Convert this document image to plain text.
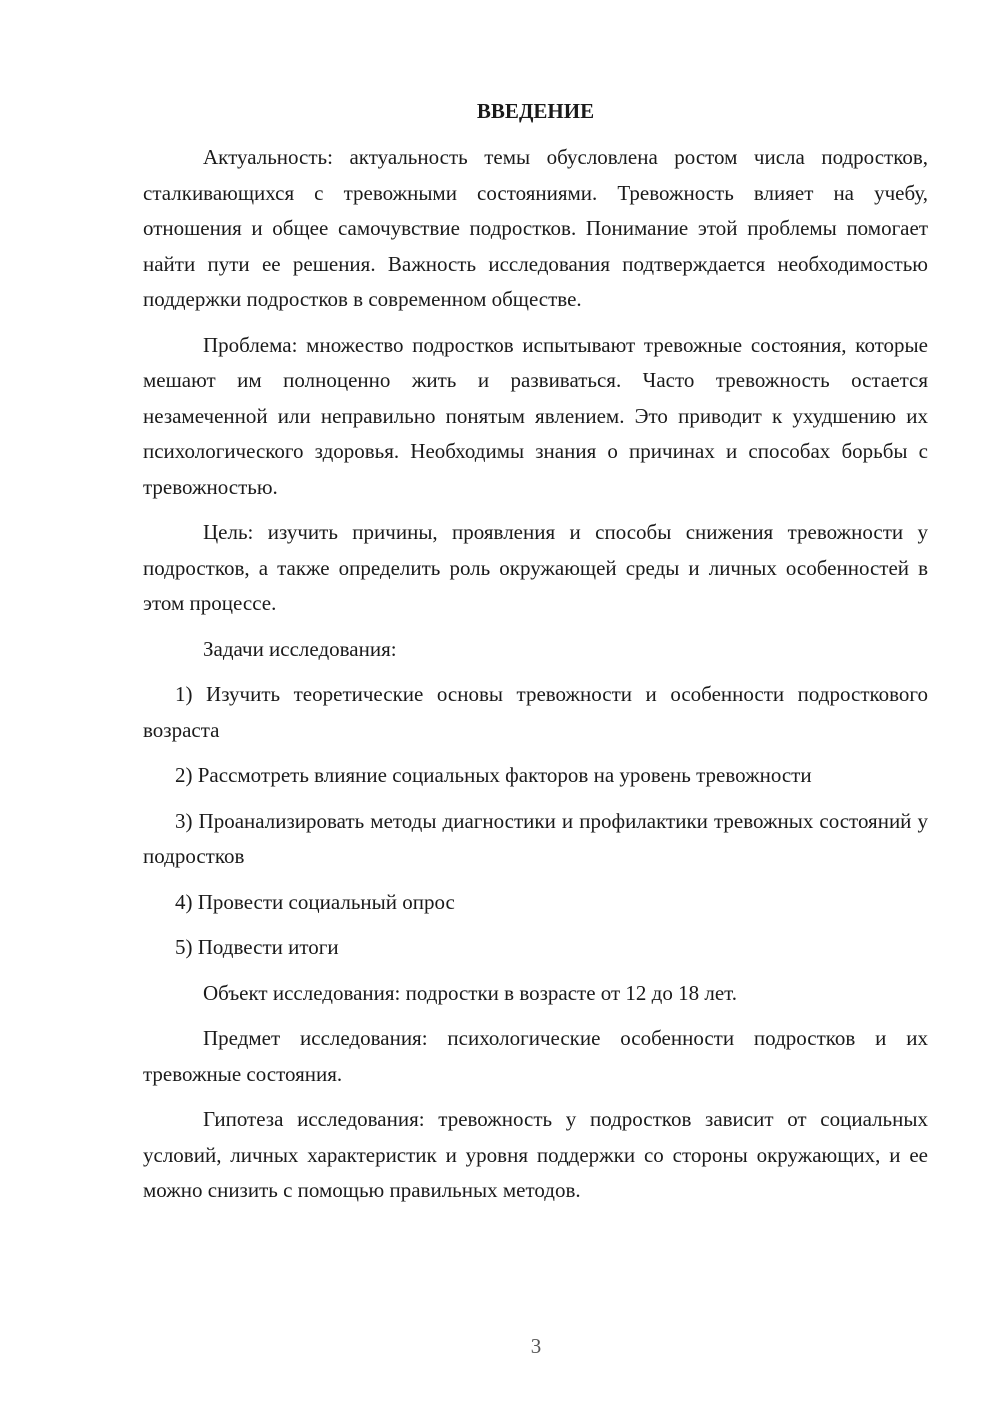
ВВЕДЕНИЕ

Актуальность: актуальность темы обусловлена ростом числа подростков, сталкивающихся с тревожными состояниями. Тревожность влияет на учебу, отношения и общее самочувствие подростков. Понимание этой проблемы помогает найти пути ее решения. Важность исследования подтверждается необходимостью поддержки подростков в современном обществе.

Проблема: множество подростков испытывают тревожные состояния, которые мешают им полноценно жить и развиваться. Часто тревожность остается незамеченной или неправильно понятым явлением. Это приводит к ухудшению их психологического здоровья. Необходимы знания о причинах и способах борьбы с тревожностью.

Цель: изучить причины, проявления и способы снижения тревожности у подростков, а также определить роль окружающей среды и личных особенностей в этом процессе.

Задачи исследования:

1) Изучить теоретические основы тревожности и особенности подросткового возраста

2) Рассмотреть влияние социальных факторов на уровень тревожности

3) Проанализировать методы диагностики и профилактики тревожных состояний у подростков

4) Провести социальный опрос

5) Подвести итоги

Объект исследования: подростки в возрасте от 12 до 18 лет.

Предмет исследования: психологические особенности подростков и их тревожные состояния.

Гипотеза исследования: тревожность у подростков зависит от социальных условий, личных характеристик и уровня поддержки со стороны окружающих, и ее можно снизить с помощью правильных методов.

3
